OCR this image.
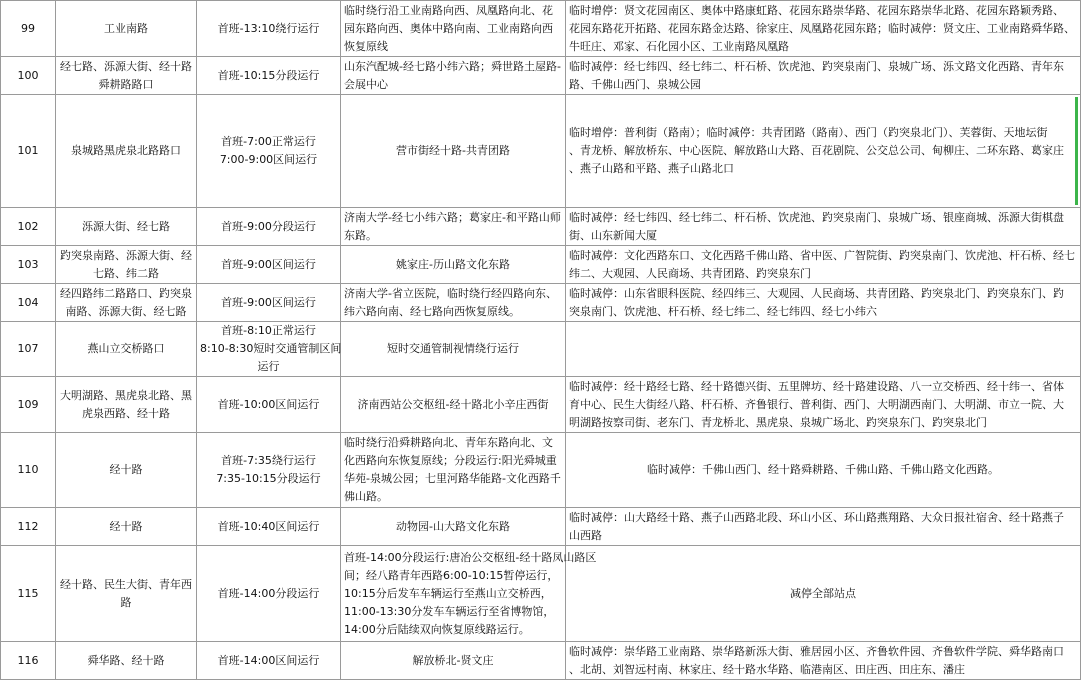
99	工业南路	首班-13:10绕行运行	临时绕行沿工业南路向西、凤凰路向北、花
园东路向西、奥体中路向南、工业南路向西
恢复原线	临时增停：贤文花园南区、奥体中路康虹路、花园东路崇华路、花园东路崇华北路、花园东路颖秀路、
花园东路花开拓路、花园东路金达路、徐家庄、凤凰路花园东路；临时减停：贤文庄、工业南路舜华路、
牛旺庄、邓家、石化园小区、工业南路凤凰路

100	经七路、泺源大街、经十路
舜耕路路口	首班-10:15分段运行	山东汽配城-经七路小纬六路；舜世路土屋路-
会展中心	临时减停：经七纬四、经七纬二、杆石桥、饮虎池、趵突泉南门、泉城广场、泺文路文化西路、青年东
路、千佛山西门、泉城公园

101	泉城路黑虎泉北路路口	首班-7:00正常运行
7:00-9:00区间运行	营市街经十路-共青团路	临时增停：普利街（路南）；临时减停：共青团路（路南）、西门（趵突泉北门）、芙蓉街、天地坛街
、青龙桥、解放桥东、中心医院、解放路山大路、百花剧院、公交总公司、甸柳庄、二环东路、葛家庄
、燕子山路和平路、燕子山路北口

102	泺源大街、经七路	首班-9:00分段运行	济南大学-经七小纬六路；葛家庄-和平路山师
东路。	临时减停：经七纬四、经七纬二、杆石桥、饮虎池、趵突泉南门、泉城广场、银座商城、泺源大街棋盘
街、山东新闻大厦

103	趵突泉南路、泺源大街、经
七路、纬二路	首班-9:00区间运行	姚家庄-历山路文化东路	临时减停：文化西路东口、文化西路千佛山路、省中医、广智院街、趵突泉南门、饮虎池、杆石桥、经七
纬二、大观园、人民商场、共青团路、趵突泉东门

104	经四路纬二路路口、趵突泉
南路、泺源大街、经七路	首班-9:00区间运行	济南大学-省立医院，临时绕行经四路向东、
纬六路向南、经七路向西恢复原线。	临时减停：山东省眼科医院、经四纬三、大观园、人民商场、共青团路、趵突泉北门、趵突泉东门、趵
突泉南门、饮虎池、杆石桥、经七纬二、经七纬四、经七小纬六

107	燕山立交桥路口	首班-8:10正常运行
8:10-8:30短时交通管制区间
运行	短时交通管制视情绕行运行	

109	大明湖路、黑虎泉北路、黑
虎泉西路、经十路	首班-10:00区间运行	济南西站公交枢纽-经十路北小辛庄西街	临时减停：经十路经七路、经十路德兴街、五里牌坊、经十路建设路、八一立交桥西、经十纬一、省体
育中心、民生大街经八路、杆石桥、齐鲁银行、普利街、西门、大明湖西南门、大明湖、市立一院、大
明湖路按察司街、老东门、青龙桥北、黑虎泉、泉城广场北、趵突泉东门、趵突泉北门

110	经十路	首班-7:35绕行运行
7:35-10:15分段运行	临时绕行沿舜耕路向北、青年东路向北、文
化西路向东恢复原线；分段运行:阳光舜城重
华苑-泉城公园；七里河路华能路-文化西路千
佛山路。	临时减停：千佛山西门、经十路舜耕路、千佛山路、千佛山路文化西路。

112	经十路	首班-10:40区间运行	动物园-山大路文化东路	临时减停：山大路经十路、燕子山西路北段、环山小区、环山路燕翔路、大众日报社宿舍、经十路燕子
山西路

115	经十路、民生大街、青年西
路	首班-14:00分段运行	首班-14:00分段运行:唐冶公交枢纽-经十路凤山路区
间；经八路青年西路6:00-10:15暂停运行，
10:15分后发车车辆运行至燕山立交桥西，
11:00-13:30分发车车辆运行至省博物馆，
14:00分后陆续双向恢复原线路运行。	减停全部站点

116	舜华路、经十路	首班-14:00区间运行	解放桥北-贤文庄	临时减停：崇华路工业南路、崇华路新泺大街、雅居园小区、齐鲁软件园、齐鲁软件学院、舜华路南口
、北胡、刘智远村南、林家庄、经十路水华路、临港南区、田庄西、田庄东、潘庄
